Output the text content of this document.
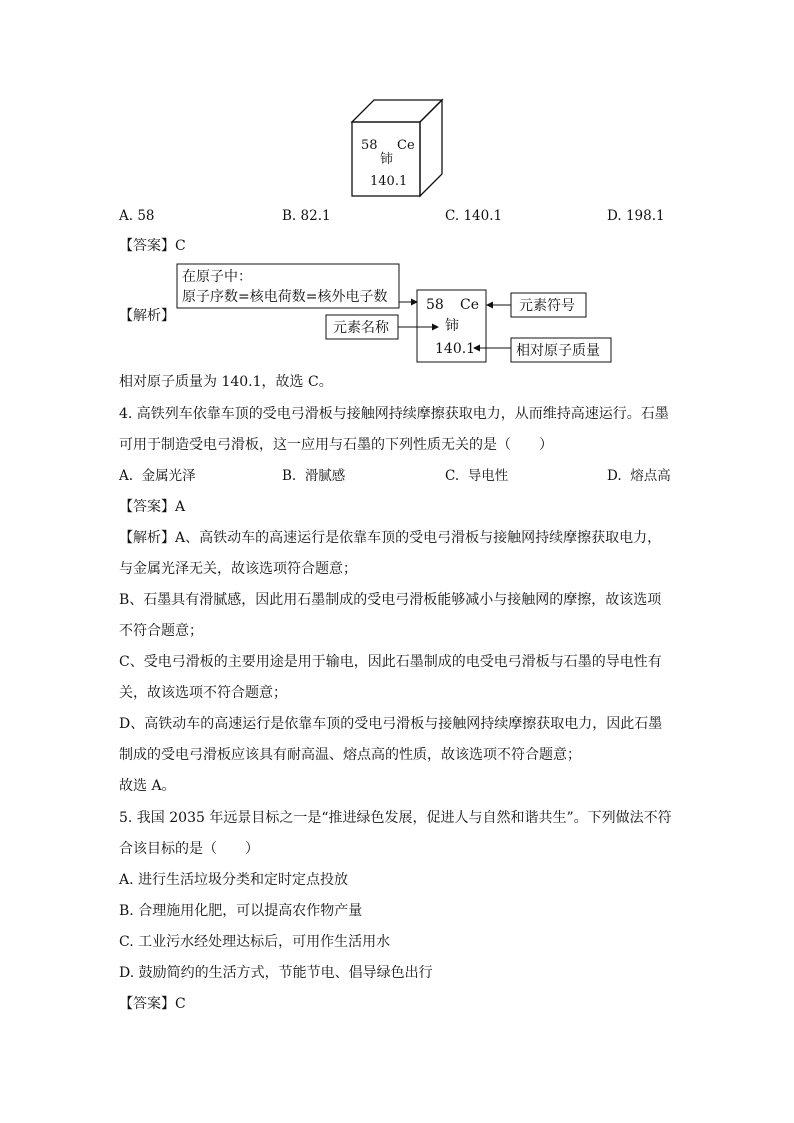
58 Ce
铈
140.1
A. 58	B. 82.1	C. 140.1	D. 198.1
【答案】C
【解析】
在原子中：
原子序数=核电荷数=核外电子数	58 Ce
铈
140.1
元素名称
元素符号
相对原子质量
相对原子质量为 140.1，故选 C。
4. 高铁列车依靠车顶的受电弓滑板与接触网持续摩擦获取电力，从而维持高速运行。石墨
可用于制造受电弓滑板，这一应用与石墨的下列性质无关的是（　　）
A. 金属光泽	B. 滑腻感	C. 导电性	D. 熔点高
【答案】A
【解析】A、高铁动车的高速运行是依靠车顶的受电弓滑板与接触网持续摩擦获取电力，
与金属光泽无关，故该选项符合题意；
B、石墨具有滑腻感，因此用石墨制成的受电弓滑板能够减小与接触网的摩擦，故该选项
不符合题意；
C、受电弓滑板的主要用途是用于输电，因此石墨制成的电受电弓滑板与石墨的导电性有
关，故该选项不符合题意；
D、高铁动车的高速运行是依靠车顶的受电弓滑板与接触网持续摩擦获取电力，因此石墨
制成的受电弓滑板应该具有耐高温、熔点高的性质，故该选项不符合题意；
故选 A。
5. 我国 2035 年远景目标之一是“推进绿色发展，促进人与自然和谐共生”。下列做法不符
合该目标的是（　　）
A. 进行生活垃圾分类和定时定点投放
B. 合理施用化肥，可以提高农作物产量
C. 工业污水经处理达标后，可用作生活用水
D. 鼓励简约的生活方式，节能节电、倡导绿色出行
【答案】C
